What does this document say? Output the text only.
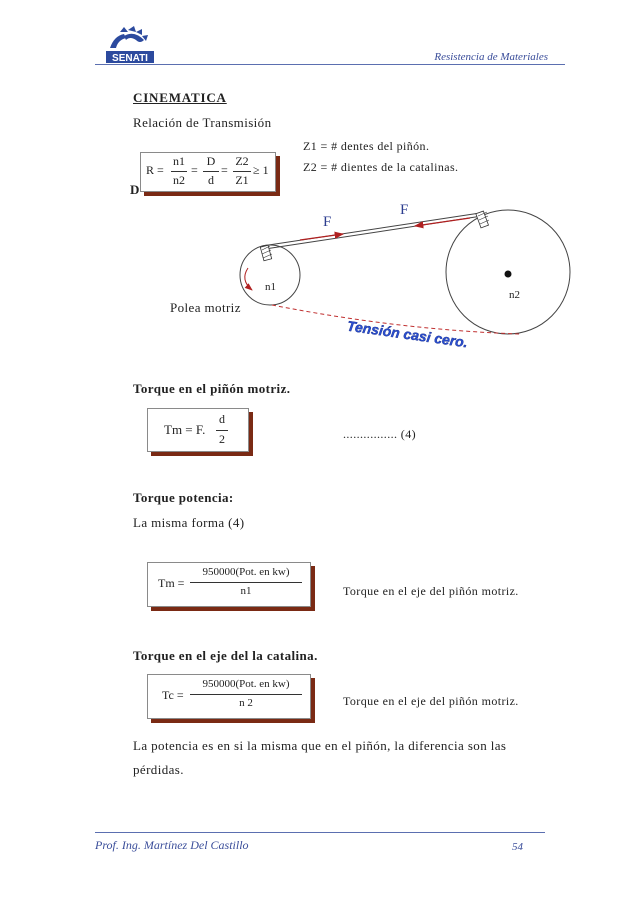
SENATI	Resistencia de Materiales
CINEMATICA
Relación de Transmisión
D
R =
n1
n2
=
D
d
=
Z2
Z1
≥ 1
Z1 = # dentes del piñón.
Z2 = # dientes de la catalinas.
F
F
n1
n2
Polea motriz
Tensión casi cero.
Torque en el piñón motriz.
Tm = F.
d
2	................ (4)
Torque potencia:
La misma forma (4)
Tm =
950000(Pot. en kw)
n1	Torque en el eje del piñón motriz.
Torque en el eje del la catalina.
Tc =
950000(Pot. en kw)
n 2	Torque en el eje del piñón motriz.
La potencia es en si la misma que en el piñón, la diferencia son las
pérdidas.
Prof. Ing. Martínez Del Castillo	54
